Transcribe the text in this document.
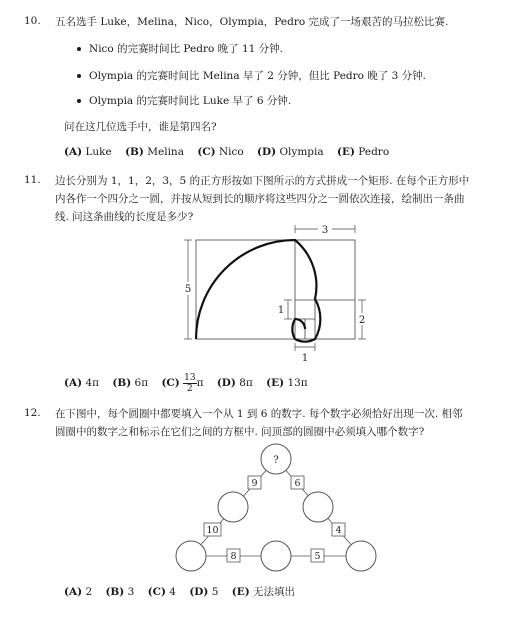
10. 五名选手 Luke，Melina，Nico，Olympia，Pedro 完成了一场艰苦的马拉松比赛.
Nico 的完赛时间比 Pedro 晚了 11 分钟.
Olympia 的完赛时间比 Melina 早了 2 分钟，但比 Pedro 晚了 3 分钟.
Olympia 的完赛时间比 Luke 早了 6 分钟.
问在这几位选手中，谁是第四名?
(A) Luke (B) Melina (C) Nico (D) Olympia (E) Pedro
11. 边长分别为 1，1，2，3，5 的正方形按如下图所示的方式拼成一个矩形. 在每个正方形中
内各作一个四分之一圆，并按从短到长的顺序将这些四分之一圆依次连接，绘制出一条曲
线. 问这条曲线的长度是多少?
3
5
2
1
1
(A) 4π (B) 6π $(C) \frac{13}{2}$ π (D) 8π (E) 13π
12. 在下图中，每个圆圈中都要填入一个从 1 到 6 的数字. 每个数字必须恰好出现一次. 相邻
圆圈中的数字之和标示在它们之间的方框中. 问顶部的圆圈中必须填入哪个数字?
?
9	6
10	4
8	5
(A) 2 (B) 3 (C) 4 (D) 5 (E) 无法填出
